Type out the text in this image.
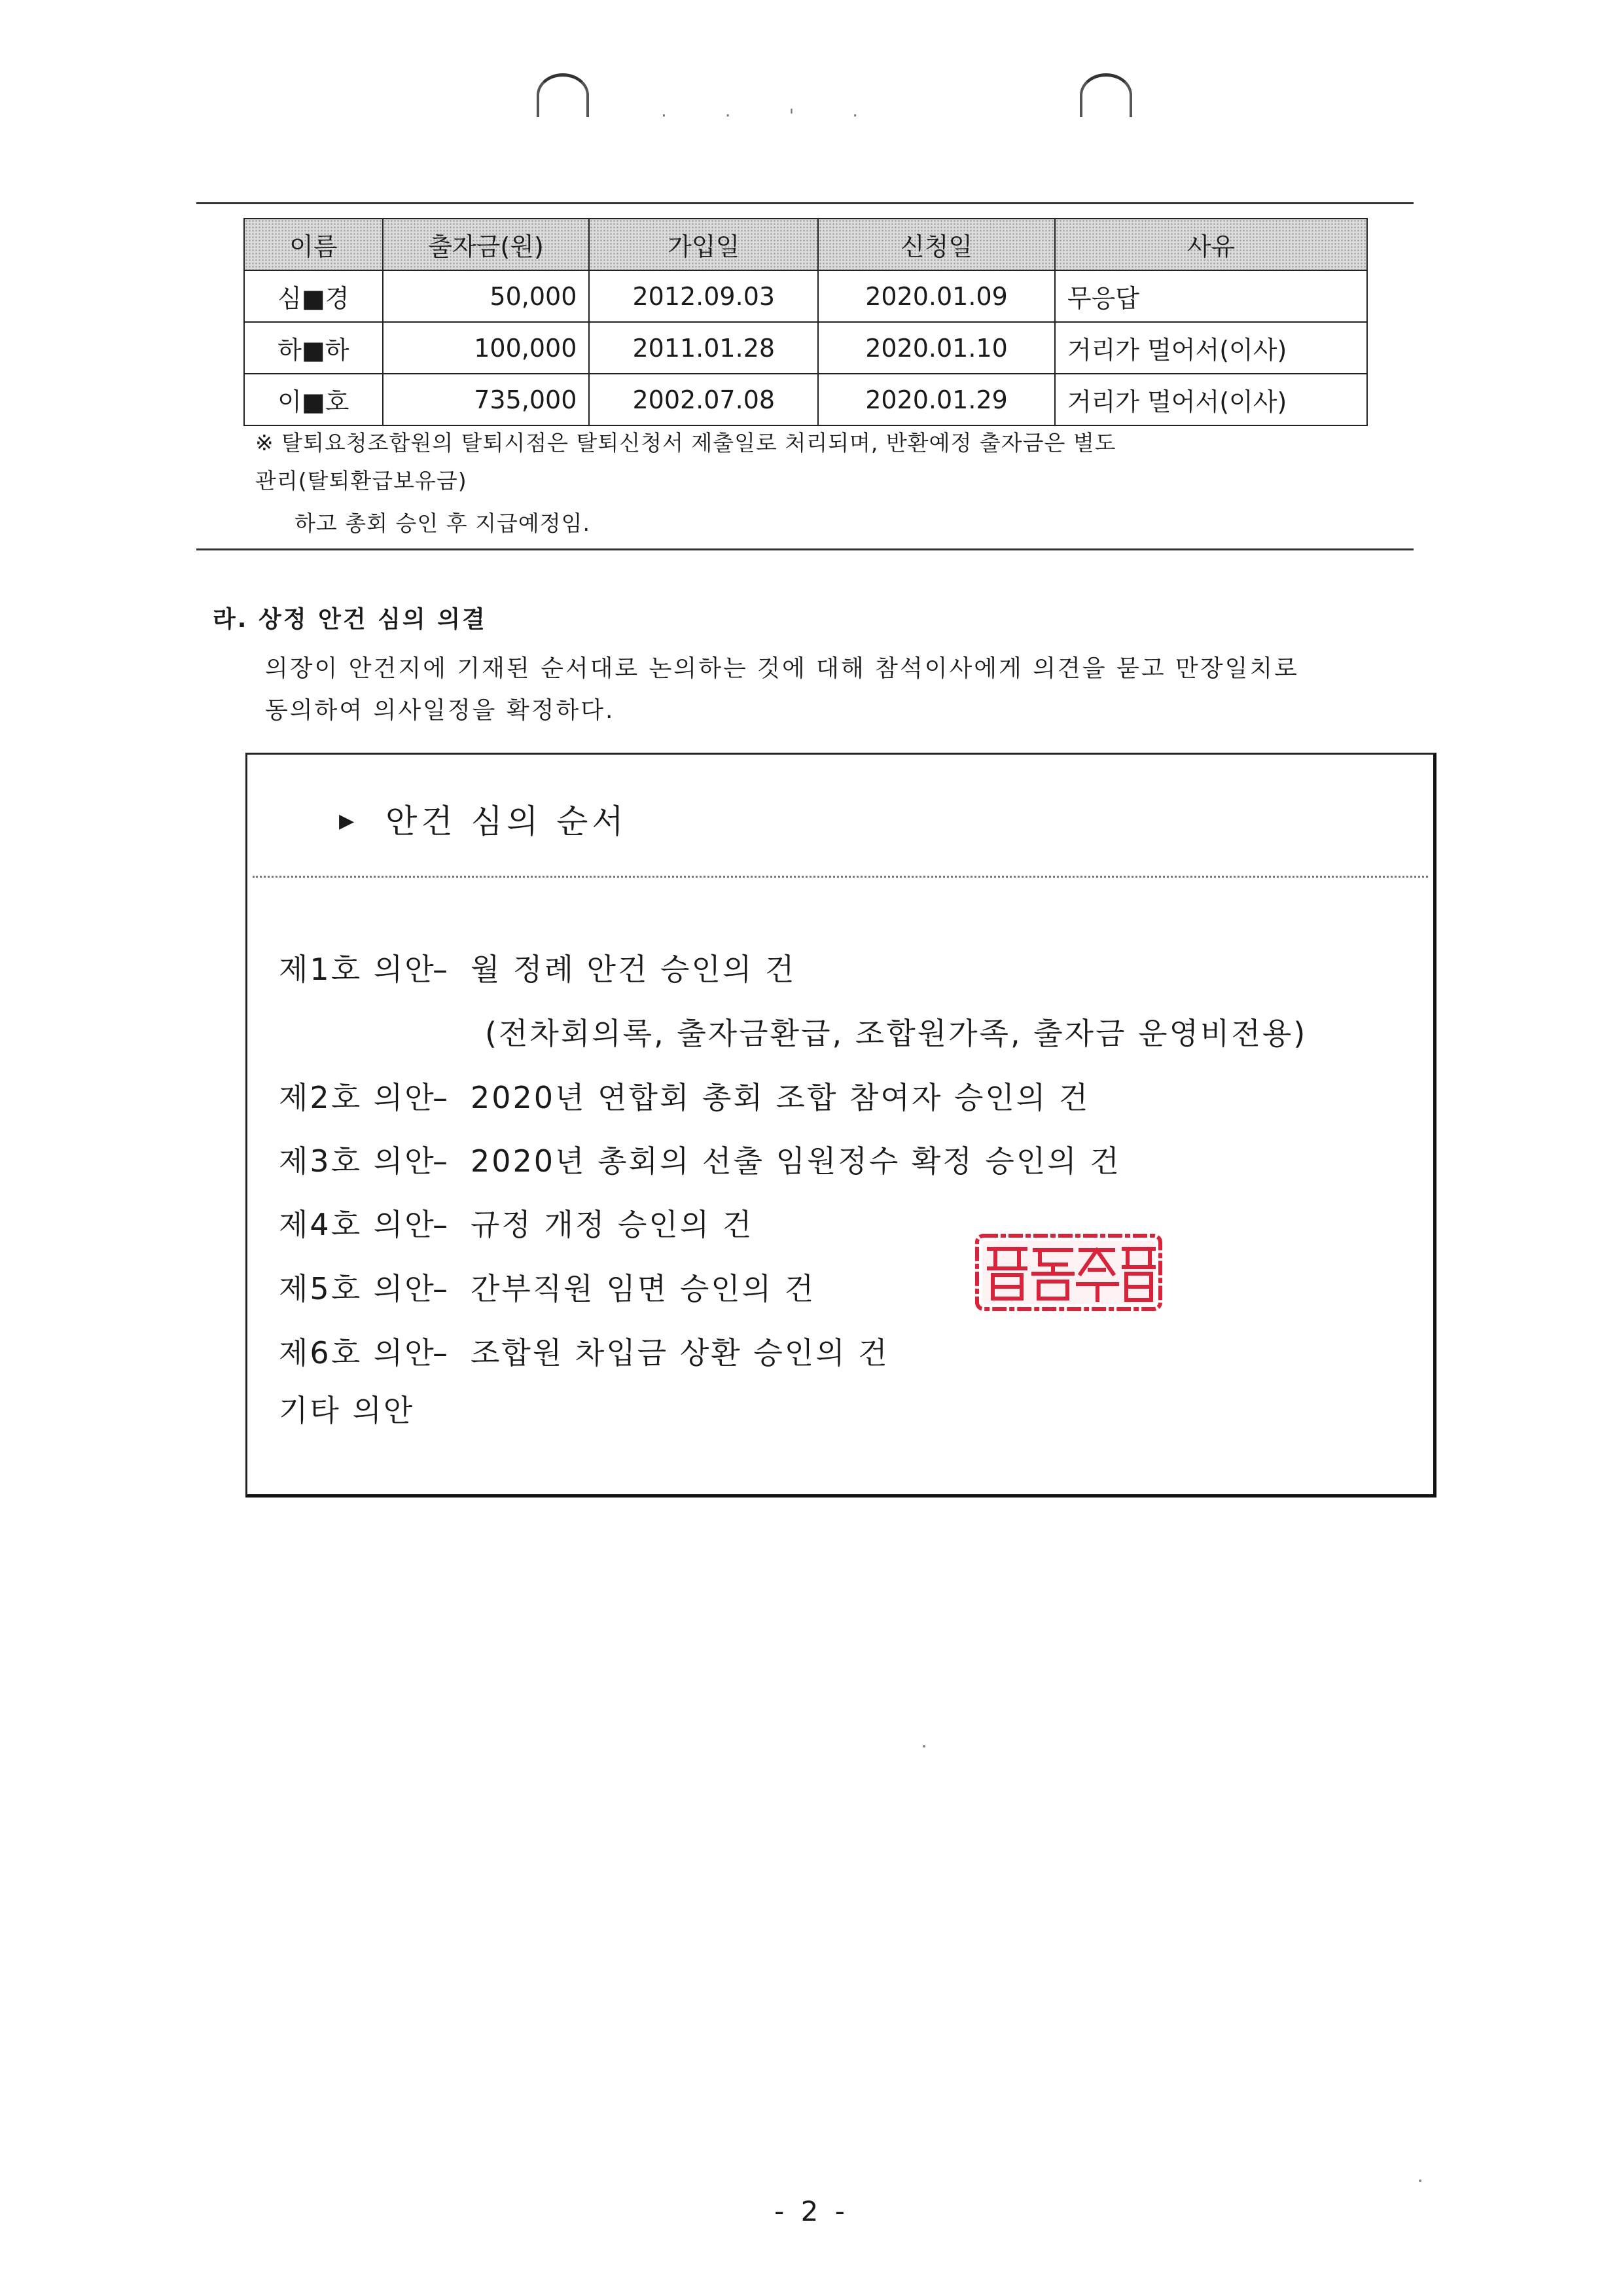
· · ' ·
이름	출자금(원)	가입일	신청일	사유
심■경	50,000	2012.09.03	2020.01.09	무응답
하■하	100,000	2011.01.28	2020.01.10	거리가 멀어서(이사)
이■호	735,000	2002.07.08	2020.01.29	거리가 멀어서(이사)
※ 탈퇴요청조합원의 탈퇴시점은 탈퇴신청서 제출일로 처리되며, 반환예정 출자금은 별도
관리(탈퇴환급보유금)
하고 총회 승인 후 지급예정임.
라. 상정 안건 심의 의결
의장이 안건지에 기재된 순서대로 논의하는 것에 대해 참석이사에게 의견을 묻고 만장일치로
동의하여 의사일정을 확정하다.
▶ 안건 심의 순서
제1호 의안– 월 정례 안건 승인의 건
(전차회의록, 출자금환급, 조합원가족, 출자금 운영비전용)
제2호 의안– 2020년 연합회 총회 조합 참여자 승인의 건
제3호 의안– 2020년 총회의 선출 임원정수 확정 승인의 건
제4호 의안– 규정 개정 승인의 건
제5호 의안– 간부직원 임면 승인의 건
제6호 의안– 조합원 차입금 상환 승인의 건
기타 의안
- 2 -
